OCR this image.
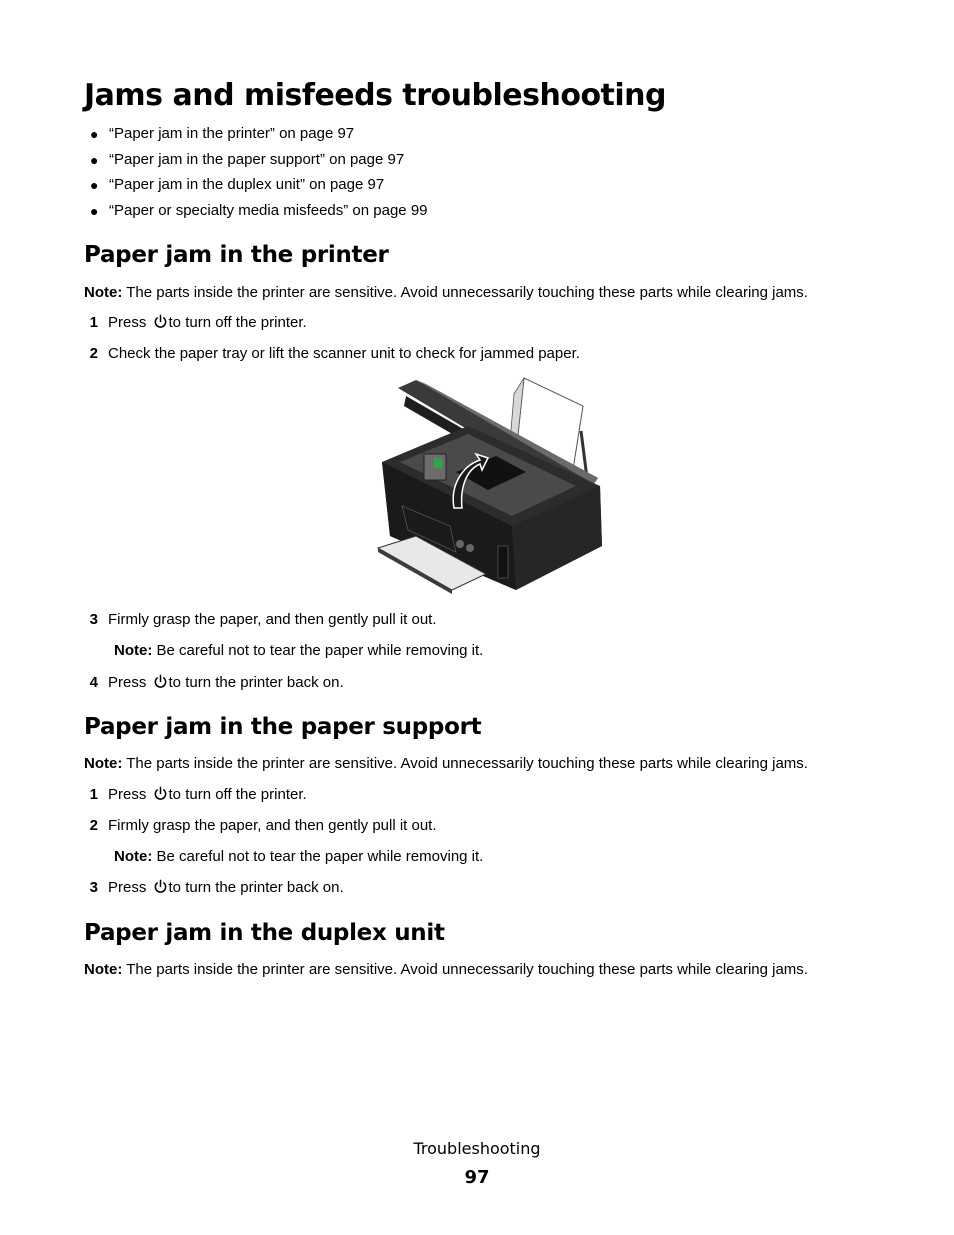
Jams and misfeeds troubleshooting
● “Paper jam in the printer” on page 97
● “Paper jam in the paper support” on page 97
● “Paper jam in the duplex unit” on page 97
● “Paper or specialty media misfeeds” on page 99
Paper jam in the printer
Note: The parts inside the printer are sensitive. Avoid unnecessarily touching these parts while clearing jams.
1 Press to turn off the printer.
2 Check the paper tray or lift the scanner unit to check for jammed paper.
3 Firmly grasp the paper, and then gently pull it out.
Note: Be careful not to tear the paper while removing it.
4 Press to turn the printer back on.
Paper jam in the paper support
Note: The parts inside the printer are sensitive. Avoid unnecessarily touching these parts while clearing jams.
1 Press to turn off the printer.
2 Firmly grasp the paper, and then gently pull it out.
Note: Be careful not to tear the paper while removing it.
3 Press to turn the printer back on.
Paper jam in the duplex unit
Note: The parts inside the printer are sensitive. Avoid unnecessarily touching these parts while clearing jams.
Troubleshooting
97
